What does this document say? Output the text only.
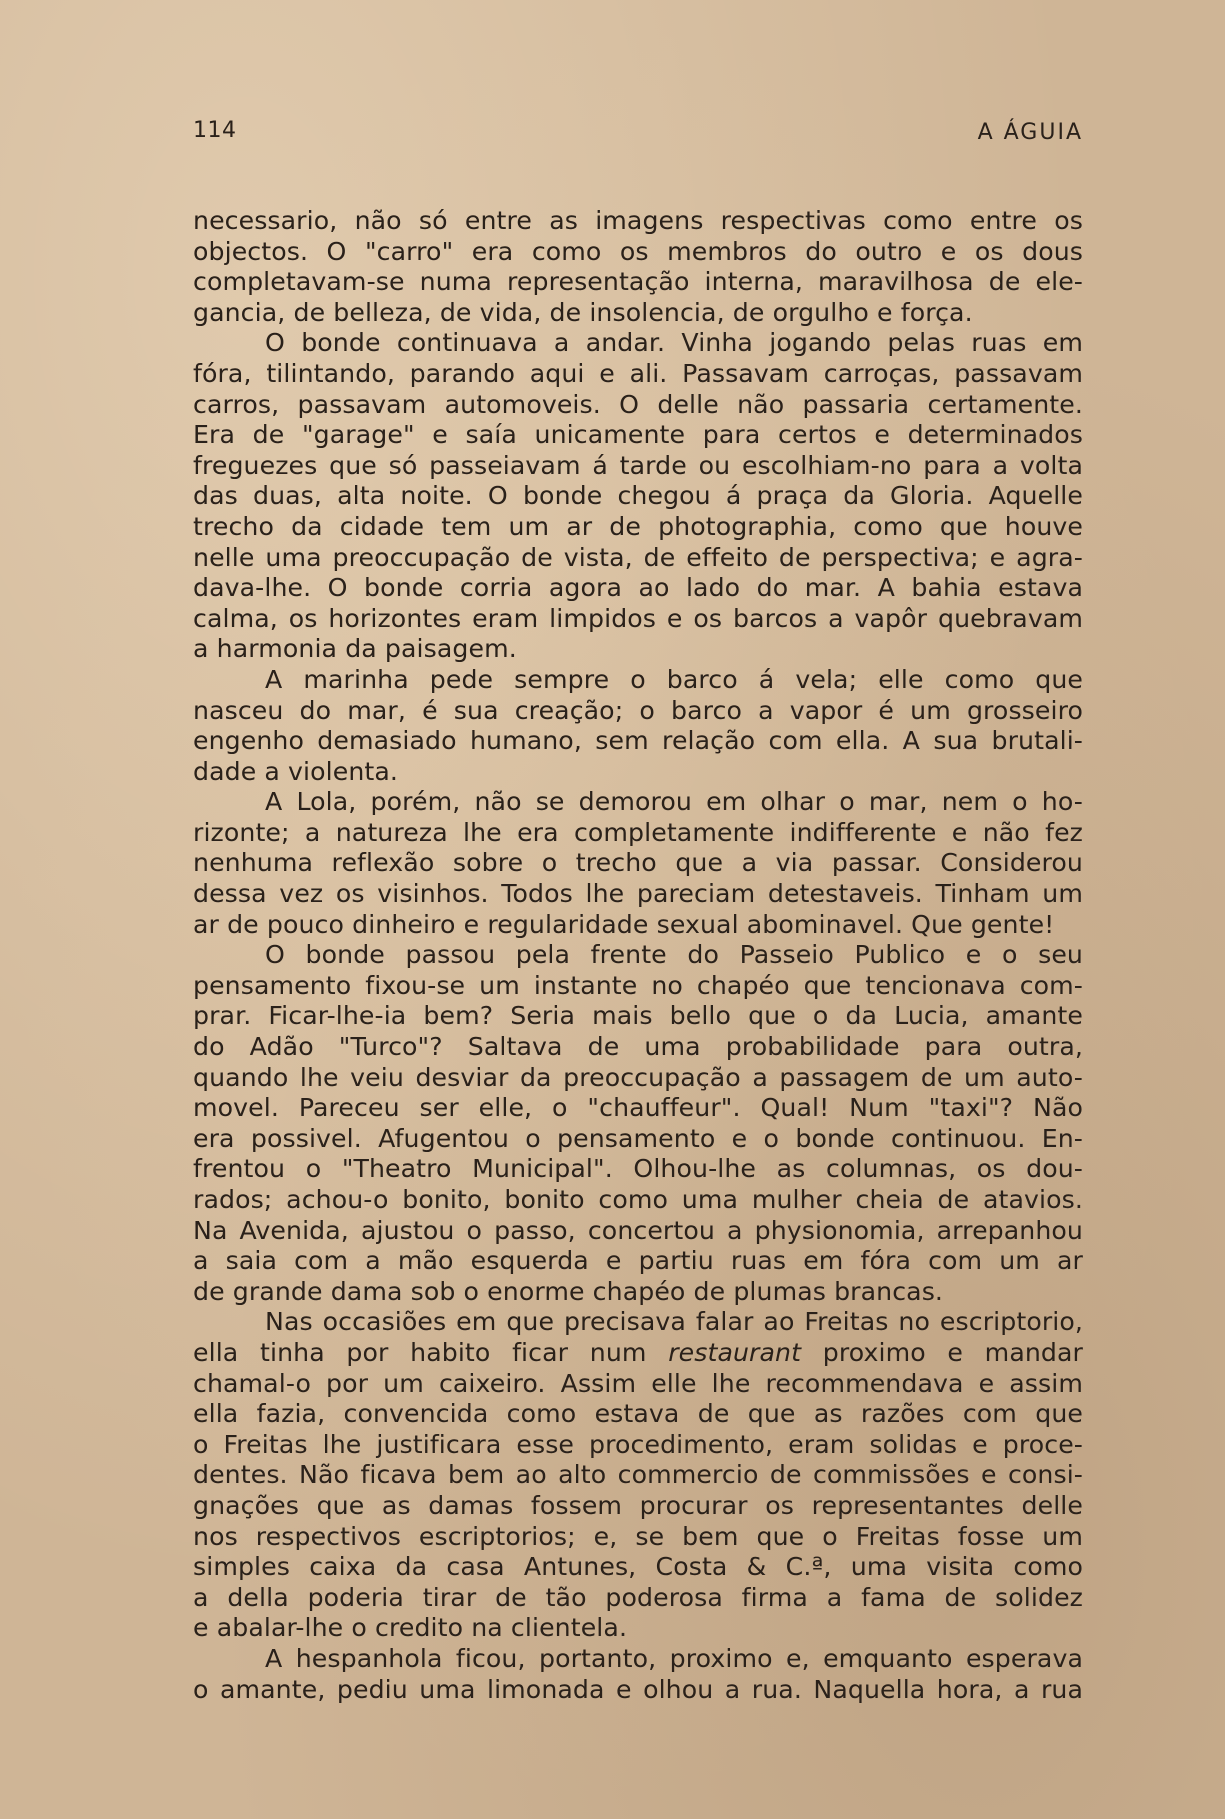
114	A ÁGUIA
necessario, não só entre as imagens respectivas como entre os
objectos. O "carro" era como os membros do outro e os dous
completavam-se numa representação interna, maravilhosa de ele-
gancia, de belleza, de vida, de insolencia, de orgulho e força.
O bonde continuava a andar. Vinha jogando pelas ruas em
fóra, tilintando, parando aqui e ali. Passavam carroças, passavam
carros, passavam automoveis. O delle não passaria certamente.
Era de "garage" e saía unicamente para certos e determinados
freguezes que só passeiavam á tarde ou escolhiam-no para a volta
das duas, alta noite. O bonde chegou á praça da Gloria. Aquelle
trecho da cidade tem um ar de photographia, como que houve
nelle uma preoccupação de vista, de effeito de perspectiva; e agra-
dava-lhe. O bonde corria agora ao lado do mar. A bahia estava
calma, os horizontes eram limpidos e os barcos a vapôr quebravam
a harmonia da paisagem.
A marinha pede sempre o barco á vela; elle como que
nasceu do mar, é sua creação; o barco a vapor é um grosseiro
engenho demasiado humano, sem relação com ella. A sua brutali-
dade a violenta.
A Lola, porém, não se demorou em olhar o mar, nem o ho-
rizonte; a natureza lhe era completamente indifferente e não fez
nenhuma reflexão sobre o trecho que a via passar. Considerou
dessa vez os visinhos. Todos lhe pareciam detestaveis. Tinham um
ar de pouco dinheiro e regularidade sexual abominavel. Que gente!
O bonde passou pela frente do Passeio Publico e o seu
pensamento fixou-se um instante no chapéo que tencionava com-
prar. Ficar-lhe-ia bem? Seria mais bello que o da Lucia, amante
do Adão "Turco"? Saltava de uma probabilidade para outra,
quando lhe veiu desviar da preoccupação a passagem de um auto-
movel. Pareceu ser elle, o "chauffeur". Qual! Num "taxi"? Não
era possivel. Afugentou o pensamento e o bonde continuou. En-
frentou o "Theatro Municipal". Olhou-lhe as columnas, os dou-
rados; achou-o bonito, bonito como uma mulher cheia de atavios.
Na Avenida, ajustou o passo, concertou a physionomia, arrepanhou
a saia com a mão esquerda e partiu ruas em fóra com um ar
de grande dama sob o enorme chapéo de plumas brancas.
Nas occasiões em que precisava falar ao Freitas no escriptorio,
ella tinha por habito ficar num restaurant proximo e mandar
chamal-o por um caixeiro. Assim elle lhe recommendava e assim
ella fazia, convencida como estava de que as razões com que
o Freitas lhe justificara esse procedimento, eram solidas e proce-
dentes. Não ficava bem ao alto commercio de commissões e consi-
gnações que as damas fossem procurar os representantes delle
nos respectivos escriptorios; e, se bem que o Freitas fosse um
simples caixa da casa Antunes, Costa & C.ª, uma visita como
a della poderia tirar de tão poderosa firma a fama de solidez
e abalar-lhe o credito na clientela.
A hespanhola ficou, portanto, proximo e, emquanto esperava
o amante, pediu uma limonada e olhou a rua. Naquella hora, a rua
